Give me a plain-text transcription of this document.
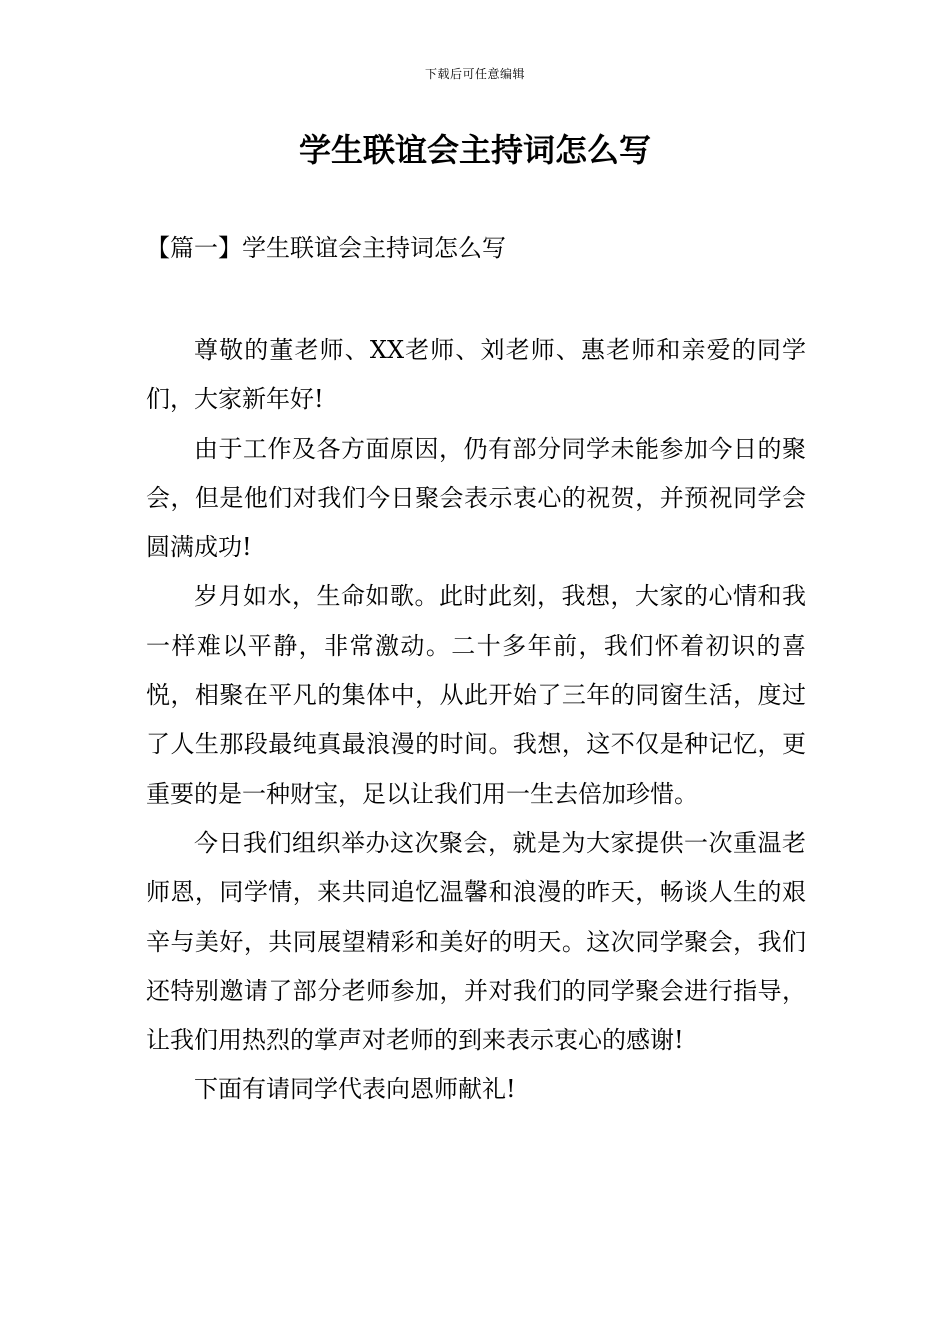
下载后可任意编辑
学生联谊会主持词怎么写
【篇一】学生联谊会主持词怎么写

尊敬的董老师、XX老师、刘老师、惠老师和亲爱的同学们，大家新年好!

由于工作及各方面原因，仍有部分同学未能参加今日的聚会，但是他们对我们今日聚会表示衷心的祝贺，并预祝同学会圆满成功!

岁月如水，生命如歌。此时此刻，我想，大家的心情和我一样难以平静，非常激动。二十多年前，我们怀着初识的喜悦，相聚在平凡的集体中，从此开始了三年的同窗生活，度过了人生那段最纯真最浪漫的时间。我想，这不仅是种记忆，更重要的是一种财宝，足以让我们用一生去倍加珍惜。

今日我们组织举办这次聚会，就是为大家提供一次重温老师恩，同学情，来共同追忆温馨和浪漫的昨天，畅谈人生的艰辛与美好，共同展望精彩和美好的明天。这次同学聚会，我们还特别邀请了部分老师参加，并对我们的同学聚会进行指导，让我们用热烈的掌声对老师的到来表示衷心的感谢!

下面有请同学代表向恩师献礼!
